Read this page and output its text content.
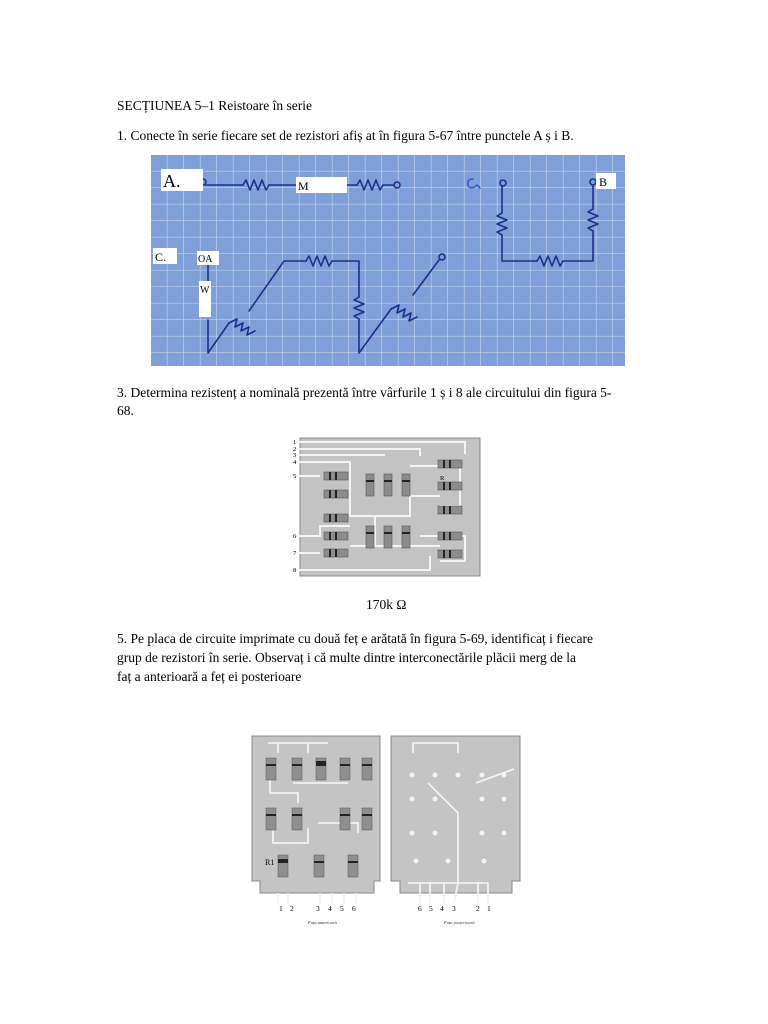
SECȚIUNEA 5–1 Reistoare în serie
1. Conecte în serie fiecare set de rezistori afiș at în figura 5-67 între punctele A ș i B.
A.	M	B
C.	OA
W
3. Determina rezistenț a nominală prezentă între vârfurile 1 ș i 8 ale circuitului din figura 5-
68.
1
2
3
4
5
6
7
8
R
170k Ω
5. Pe placa de circuite imprimate cu două feț e arătată în figura 5-69, identificaț i fiecare
grup de rezistori în serie. Observaț i că multe dintre interconectările plăcii merg de la
faț a anterioară a feț ei posterioare
R1
1 2	3 4 5 6	6 5 4 3	2 1
Fața anterioară	Fața posterioară
